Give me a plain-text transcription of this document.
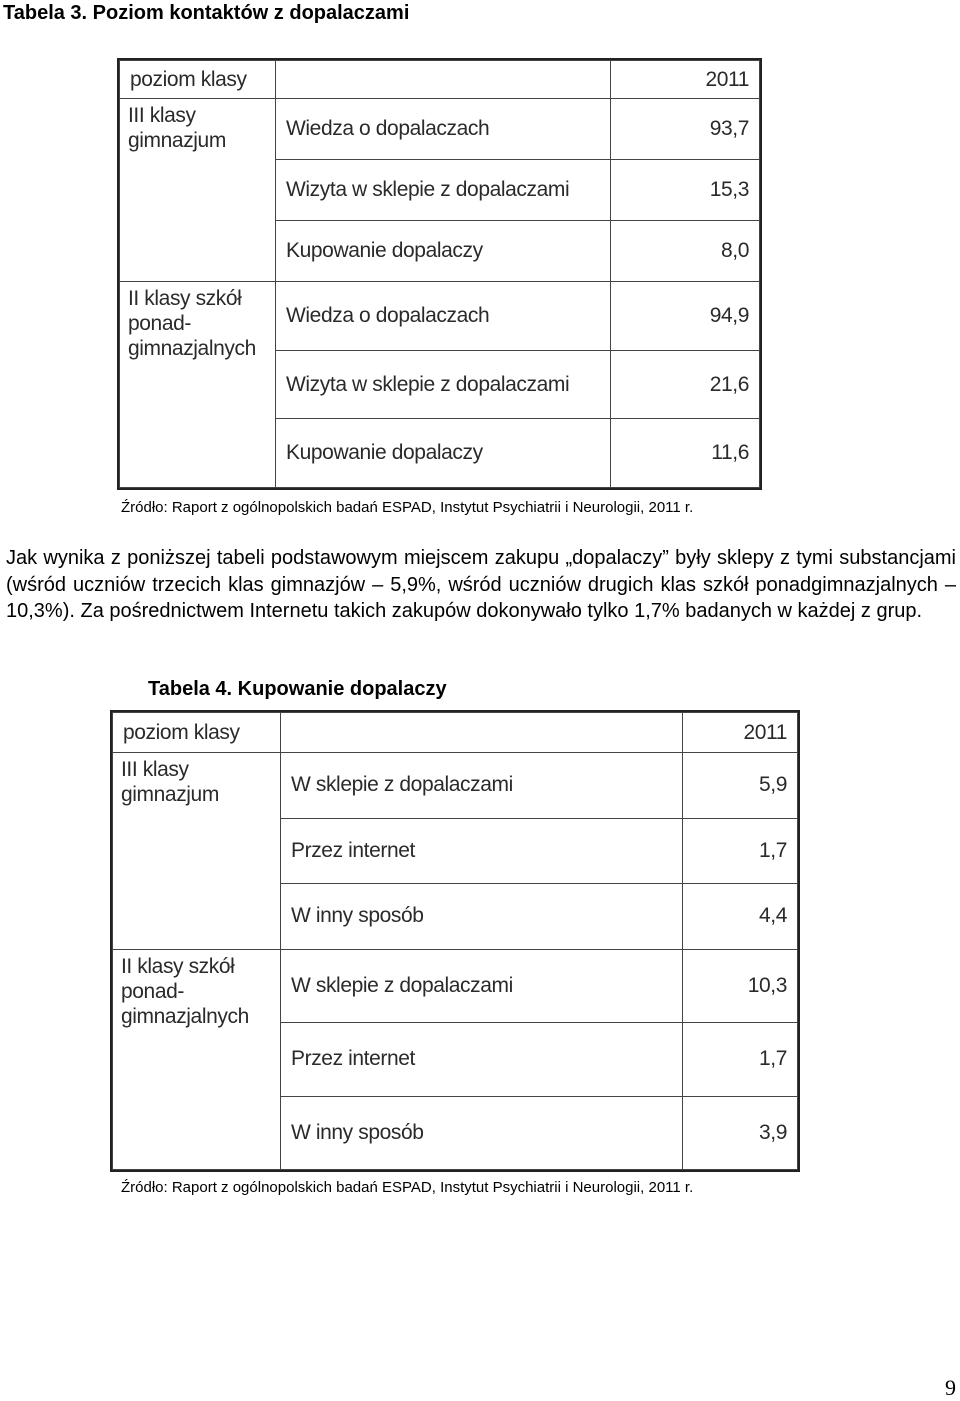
Tabela 3. Poziom kontaktów z dopalaczami
poziom klasy		2011
III klasy
gimnazjum	Wiedza o dopalaczach	93,7
	Wizyta w sklepie z dopalaczami	15,3
	Kupowanie dopalaczy	8,0
II klasy szkół
ponad-
gimnazjalnych	Wiedza o dopalaczach	94,9
	Wizyta w sklepie z dopalaczami	21,6
	Kupowanie dopalaczy	11,6
Źródło: Raport z ogólnopolskich badań ESPAD, Instytut Psychiatrii i Neurologii, 2011 r.

Jak wynika z poniższej tabeli podstawowym miejscem zakupu „dopalaczy” były sklepy z tymi substancjami (wśród uczniów trzecich klas gimnazjów – 5,9%, wśród uczniów drugich klas szkół ponadgimnazjalnych – 10,3%). Za pośrednictwem Internetu takich zakupów dokonywało tylko 1,7% badanych w każdej z grup.

Tabela 4. Kupowanie dopalaczy
poziom klasy		2011
III klasy
gimnazjum	W sklepie z dopalaczami	5,9
	Przez internet	1,7
	W inny sposób	4,4
II klasy szkół
ponad-
gimnazjalnych	W sklepie z dopalaczami	10,3
	Przez internet	1,7
	W inny sposób	3,9
Źródło: Raport z ogólnopolskich badań ESPAD, Instytut Psychiatrii i Neurologii, 2011 r.
9
